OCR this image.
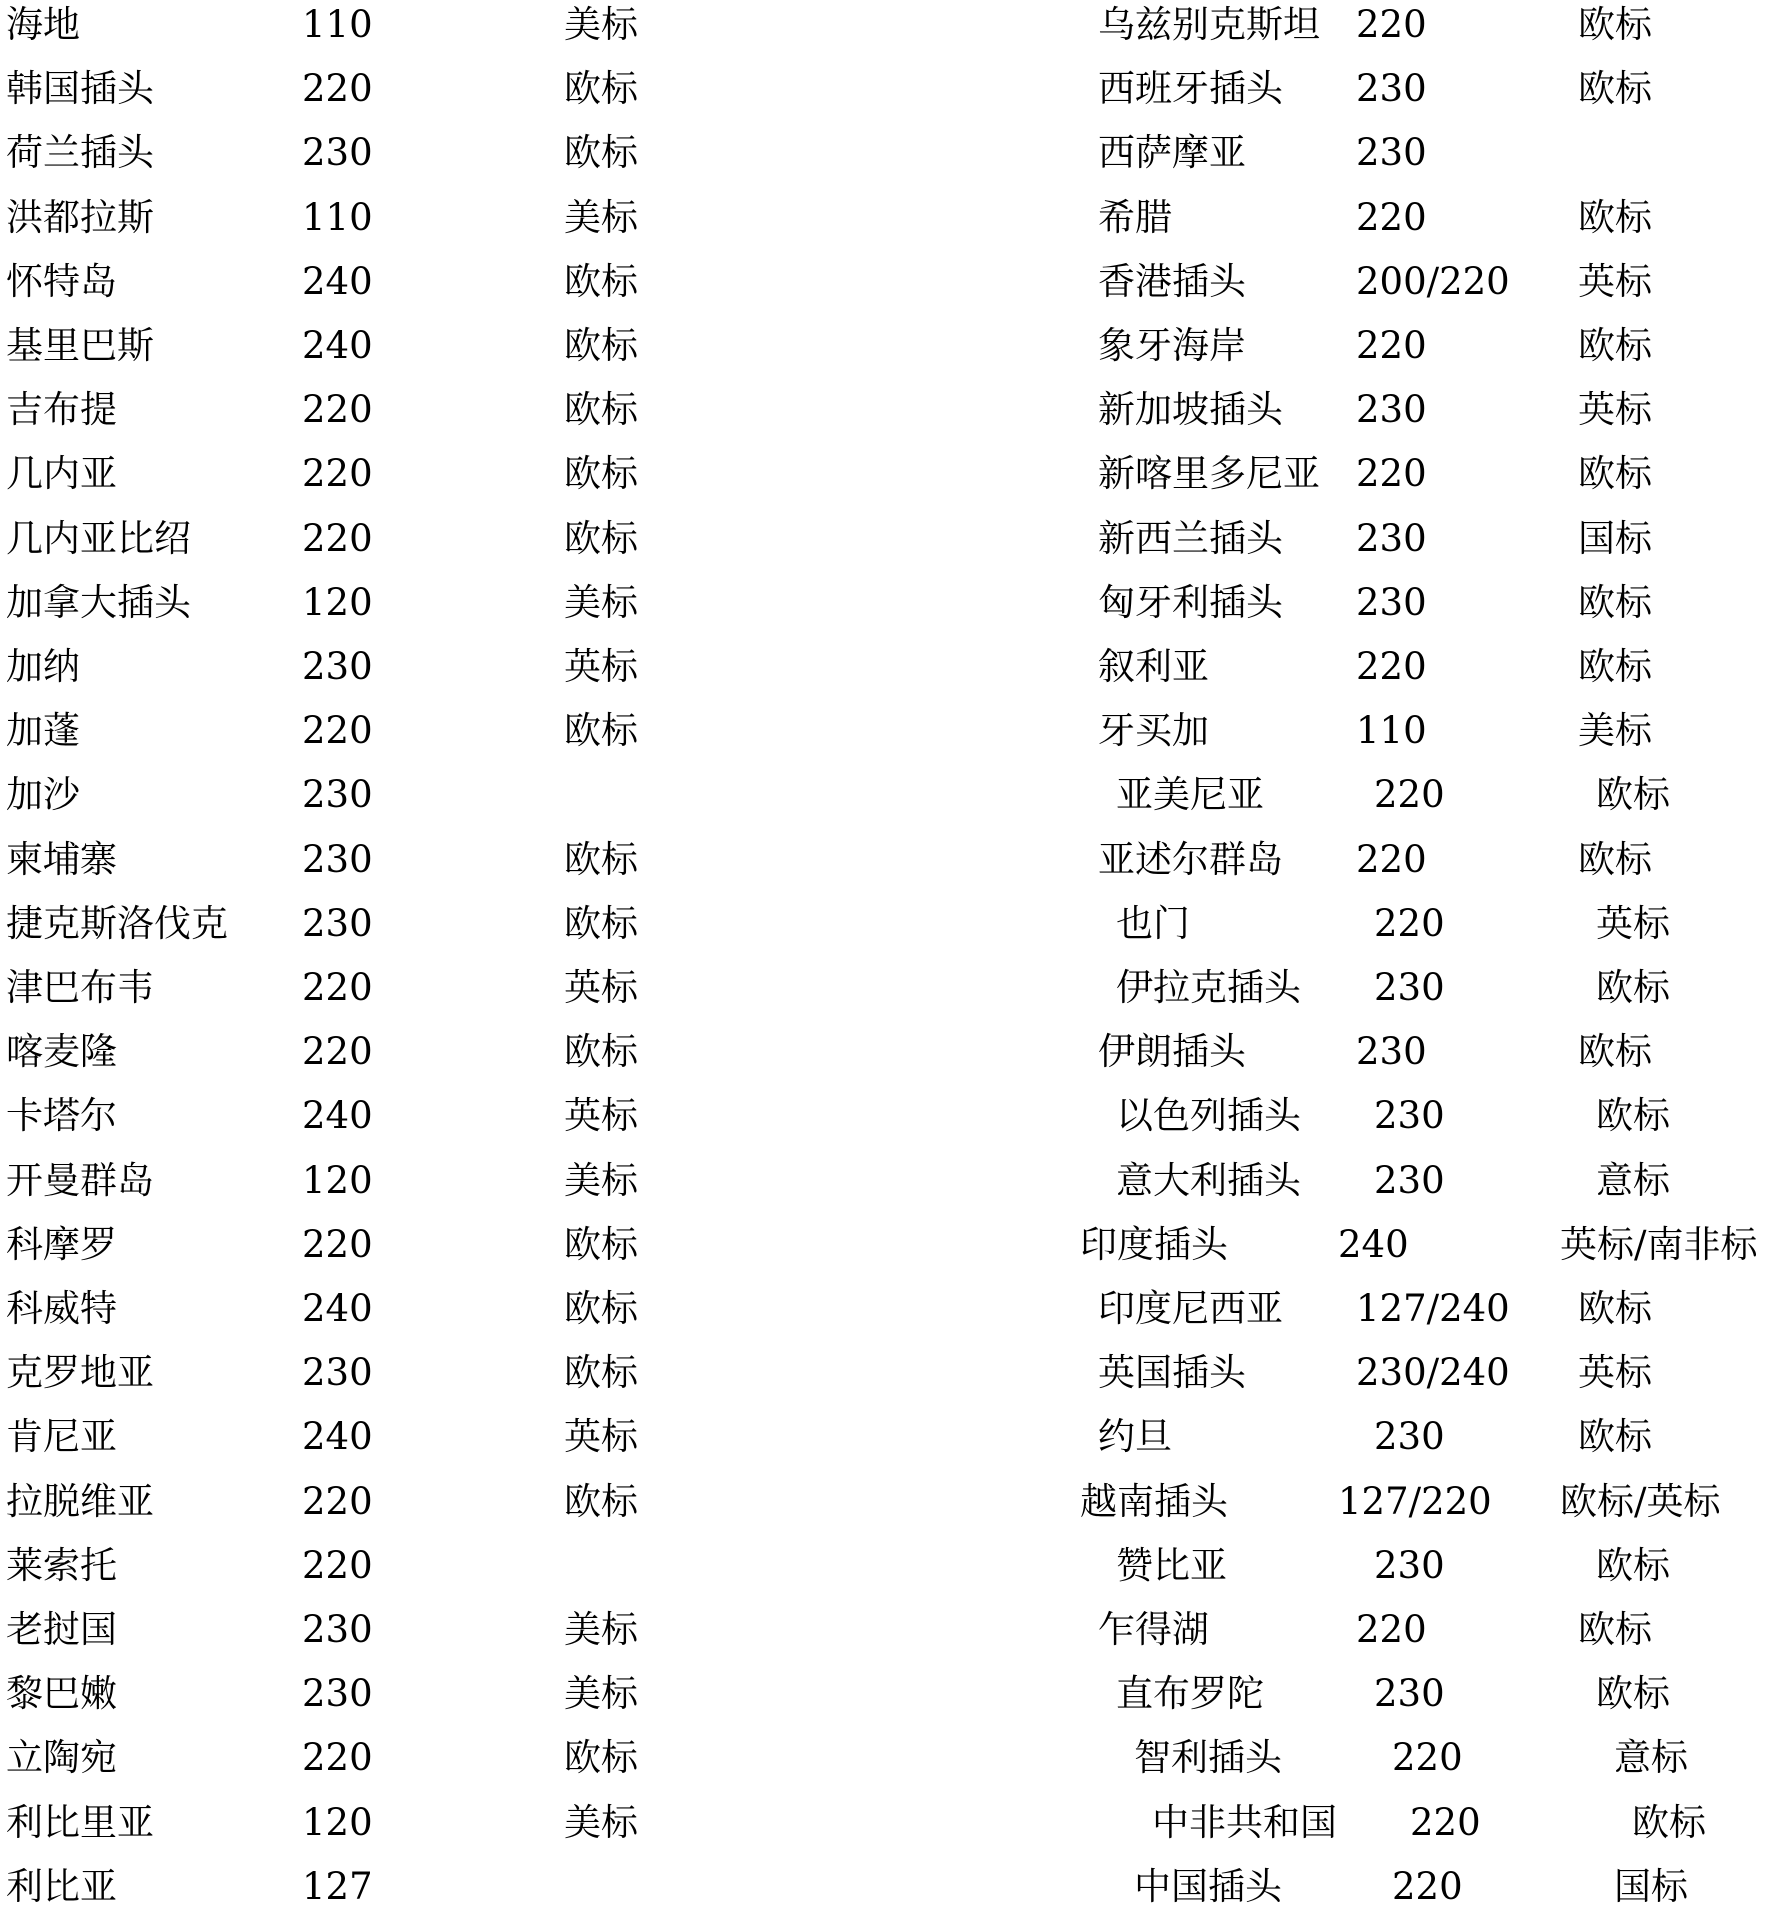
海地	110	美标
韩国插头	220	欧标
荷兰插头	230	欧标
洪都拉斯	110	美标
怀特岛	240	欧标
基里巴斯	240	欧标
吉布提	220	欧标
几内亚	220	欧标
几内亚比绍	220	欧标
加拿大插头	120	美标
加纳	230	英标
加蓬	220	欧标
加沙	230
柬埔寨	230	欧标
捷克斯洛伐克 230	欧标
津巴布韦	220	英标
喀麦隆	220	欧标
卡塔尔	240	英标
开曼群岛	120	美标
科摩罗	220	欧标
科威特	240	欧标
克罗地亚	230	欧标
肯尼亚	240	英标
拉脱维亚	220	欧标
莱索托	220
老挝国	230	美标
黎巴嫩	230	美标
立陶宛	220	欧标
利比里亚	120	美标
利比亚	127
乌兹别克斯坦 220	欧标
西班牙插头 230	欧标
西萨摩亚	230
希腊	220	欧标
香港插头	200/220 英标
象牙海岸	220	欧标
新加坡插头 230	英标
新喀里多尼亚 220	欧标
新西兰插头 230	国标
匈牙利插头 230	欧标
叙利亚	220	欧标
牙买加	110	美标
亚美尼亚	220	欧标
亚述尔群岛 220	欧标
也门	220	英标
伊拉克插头 230	欧标
伊朗插头	230	欧标
以色列插头 230	欧标
意大利插头 230	意标
印度插头	240	英标/南非标
印度尼西亚 127/240 欧标
英国插头	230/240 英标
约旦	230	欧标
越南插头	127/220 欧标/英标
赞比亚	230	欧标
乍得湖	220	欧标
直布罗陀	230	欧标
智利插头	220	意标
中非共和国 220	欧标
中国插头	220	国标
